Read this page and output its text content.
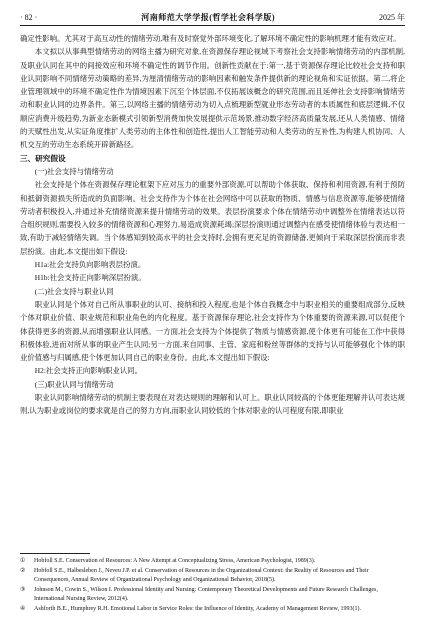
· 82 ·	河南师范大学学报(哲学社会科学版)	2025 年

确定性影响。尤其对于高互动性的情绪劳动,唯有及时察觉外部环境变化,了解环境不确定性的影响机理才能有效应对。

本文拟以从事典型情绪劳动的网络主播为研究对象,在资源保存理论视域下考察社会支持影响情绪劳动的内部机制,及职业认同在其中的间接效应和环境不确定性的调节作用。创新性贡献在于:第一,基于资源保存理论比较社会支持和职业认同影响不同情绪劳动策略的差异,为厘清情绪劳动的影响因素和触发条件提供新的理论视角和实证依据。第二,将企业管理领域中的环境不确定性作为情境因素下沉至个体层面,不仅拓展该概念的研究范围,而且延伸社会支持影响情绪劳动和职业认同的边界条件。第三,以网络主播的情绪劳动为切入点梳理新型就业形态劳动者的本质属性和底层逻辑,不仅顺应消费升级趋势,为新业态新模式引领新型消费加快发展提供示范场景,推动数字经济高质量发展,还从人类情感、情绪的天赋性出发,从实证角度推扩人类劳动的主体性和创造性,提出人工智能劳动和人类劳动的互补性,为构建人机协同、人机交互的劳动生态系统开辟新路径。

三、研究假设

(一)社会支持与情绪劳动

社会支持是个体在资源保存理论框架下应对压力的重要外部资源,可以帮助个体获取、保持和利用资源,有利于预防和抵御资源损失所造成的负面影响。社会支持作为个体在社会网络中可以获取的物质、情感与信息资源等,能够使情绪劳动者积极投入,并通过补充情绪资源来提升情绪劳动的效果。表层扮演要求个体在情绪劳动中调整外在情绪表达以符合组织规则,需要投入较多的情绪资源和心理努力,易造成资源耗竭;深层扮演则通过调整内在感受使情绪体验与表达相一致,有助于减轻情绪失调。当个体感知到较高水平的社会支持时,会拥有更充足的资源储备,更倾向于采取深层扮演而非表层扮演。由此,本文提出如下假设:

H1a:社会支持负向影响表层扮演。

H1b:社会支持正向影响深层扮演。

(二)社会支持与职业认同

职业认同是个体对自己所从事职业的认可、接纳和投入程度,也是个体自我概念中与职业相关的重要组成部分,反映个体对职业价值、职业规范和职业角色的内化程度。基于资源保存理论,社会支持作为个体重要的资源来源,可以促使个体获得更多的资源,从而增强职业认同感。一方面,社会支持为个体提供了物质与情感资源,使个体更有可能在工作中获得积极体验,进而对所从事的职业产生认同;另一方面,来自同事、主管、家庭和粉丝等群体的支持与认可能够强化个体的职业价值感与归属感,使个体更加认同自己的职业身份。由此,本文提出如下假设:

H2:社会支持正向影响职业认同。

(三)职业认同与情绪劳动

职业认同影响情绪劳动的机制主要表现在对表达规则的理解和认可上。职业认同较高的个体更能理解并认可表达规则,认为职业或岗位的要求就是自己的努力方向,而职业认同较低的个体对职业的认可程度有限,即职业

①	Hobfoll S.E. Conservation of Resources: A New Attempt at Conceptualizing Stress, American Psychologist, 1989(3).
②	Hobfoll S.E., Halbesleben J., Neveu J.P. et al. Conservation of Resources in the Organizational Context: the Reality of Resources and Their Consequences, Annual Review of Organizational Psychology and Organizational Behavior, 2018(5).
③	Johnson M., Cowin S., Wilson I. Professional Identity and Nursing: Contemporary Theoretical Developments and Future Research Challenges, International Nursing Review, 2012(4).
④	Ashforth B.E., Humphrey R.H. Emotional Labor in Service Roles: the Influence of Identity, Academy of Management Review, 1993(1).
